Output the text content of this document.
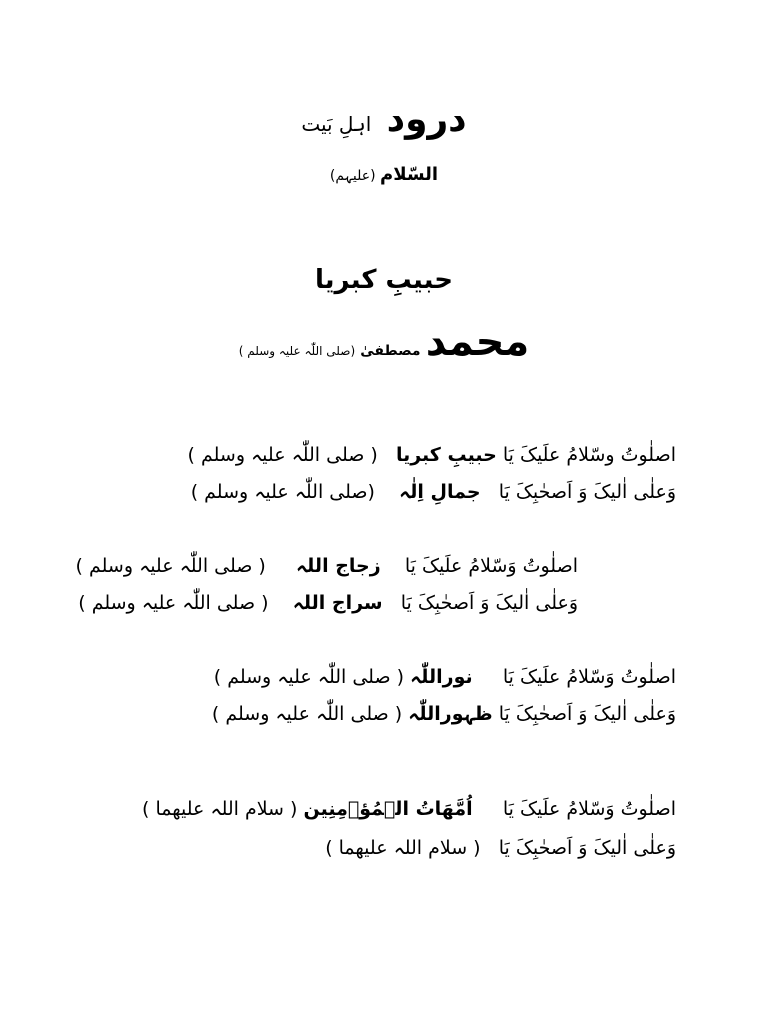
درود   اہلِ بَیت
السّلام (علیہم)
حبیبِ کبریا
محمد مصطفیٰ (صلی اللّٰہ علیہ وسلم )
اصلٰوتُ وسّلامُ علَیکَ یَا حبیبِ کبریا   ( صلی اللّٰہ علیہ وسلم )
وَعلٰی اٰلیکَ وَ اَصحٰبِکَ یَا   جمالِ اِلٰہ    (صلی اللّٰہ علیہ وسلم )
اصلٰوتُ وَسّلامُ علَیکَ یَا    زجاج اللہ     ( صلی اللّٰہ علیہ وسلم )
وَعلٰی اٰلیکَ وَ اَصحٰبِکَ یَا   سراج اللہ    ( صلی اللّٰہ علیہ وسلم )
اصلٰوتُ وَسّلامُ علَیکَ یَا     نوراللّٰہ ( صلی اللّٰہ علیہ وسلم )
وَعلٰی اٰلیکَ وَ اَصحٰبِکَ یَا ظہوراللّٰہ ( صلی اللّٰہ علیہ وسلم )
اصلٰوتُ وَسّلامُ علَیکَ یَا     اُمَّھَاتُ الۡمُؤۡمِنِین ( سلام اللہ علیھما )
وَعلٰی اٰلیکَ وَ اَصحٰبِکَ یَا   ( سلام اللہ علیھما )
